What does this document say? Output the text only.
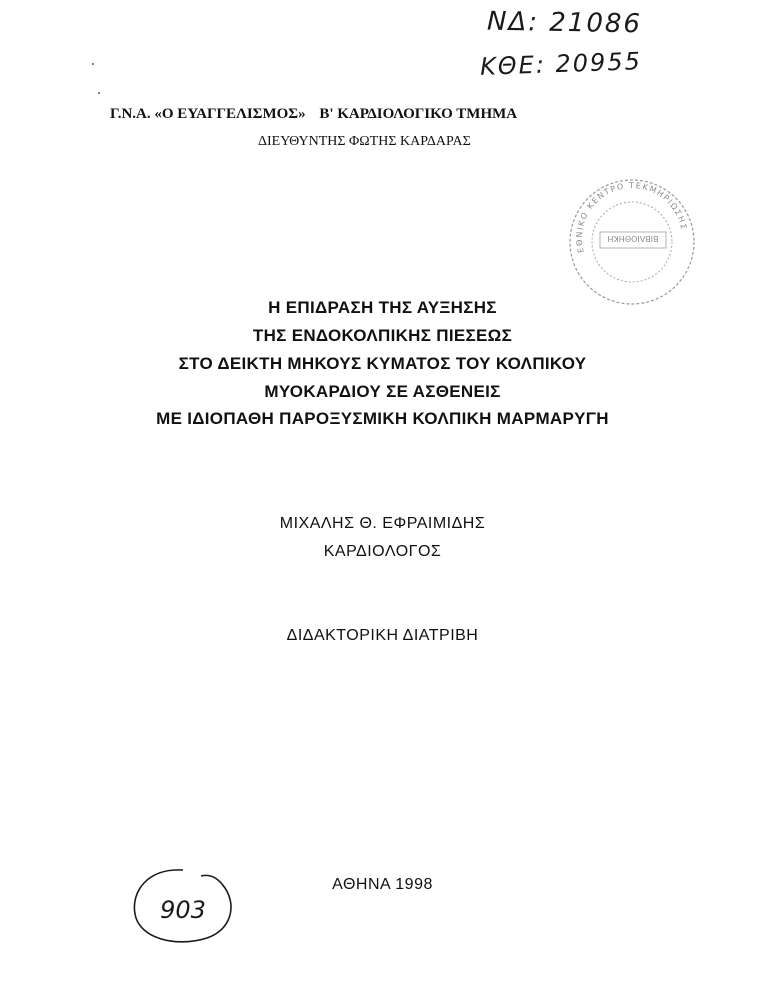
ΝΔ: 21086
ΚΘΕ: 20955
Γ.Ν.Α. «Ο ΕΥΑΓΓΕΛΙΣΜΟΣ» Β' ΚΑΡΔΙΟΛΟΓΙΚΟ ΤΜΗΜΑ
ΔΙΕΥΘΥΝΤΗΣ ΦΩΤΗΣ ΚΑΡΔΑΡΑΣ
ΕΘΝΙΚΟ ΚΕΝΤΡΟ ΤΕΚΜΗΡΙΩΣΗΣ
ΒΙΒΛΙΟΘΗΚΗ
Η ΕΠΙΔΡΑΣΗ ΤΗΣ ΑΥΞΗΣΗΣ
ΤΗΣ ΕΝΔΟΚΟΛΠΙΚΗΣ ΠΙΕΣΕΩΣ
ΣΤΟ ΔΕΙΚΤΗ ΜΗΚΟΥΣ ΚΥΜΑΤΟΣ ΤΟΥ ΚΟΛΠΙΚΟΥ
ΜΥΟΚΑΡΔΙΟΥ ΣΕ ΑΣΘΕΝΕΙΣ
ΜΕ ΙΔΙΟΠΑΘΗ ΠΑΡΟΞΥΣΜΙΚΗ ΚΟΛΠΙΚΗ ΜΑΡΜΑΡΥΓΗ
ΜΙΧΑΛΗΣ Θ. ΕΦΡΑΙΜΙΔΗΣ
ΚΑΡΔΙΟΛΟΓΟΣ
ΔΙΔΑΚΤΟΡΙΚΗ ΔΙΑΤΡΙΒΗ
ΑΘΗΝΑ 1998
903
